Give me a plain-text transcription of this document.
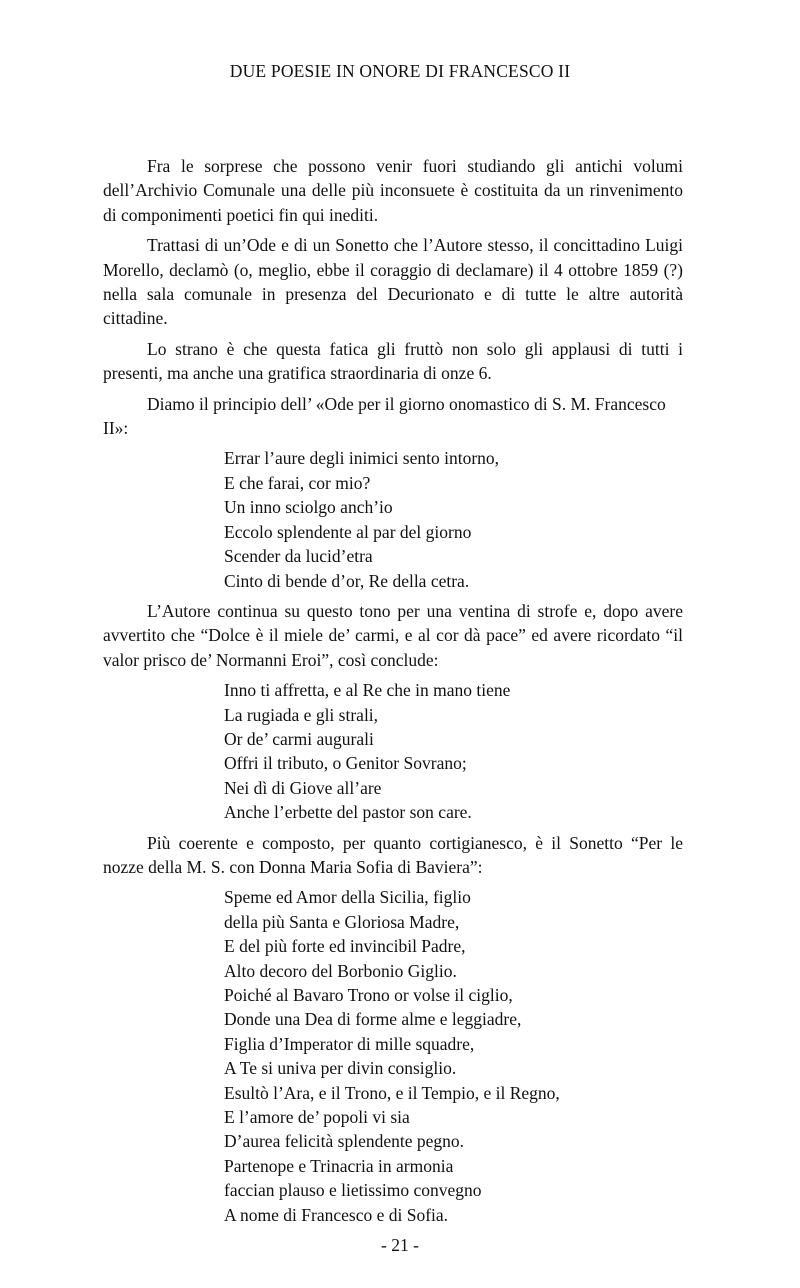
DUE POESIE IN ONORE DI FRANCESCO II

Fra le sorprese che possono venir fuori studiando gli antichi volumi dell’Archivio Comunale una delle più inconsuete è costituita da un rinvenimento di componimenti poetici fin qui inediti.

Trattasi di un’Ode e di un Sonetto che l’Autore stesso, il concittadino Luigi Morello, declamò (o, meglio, ebbe il coraggio di declamare) il 4 ottobre 1859 (?) nella sala comunale in presenza del Decurionato e di tutte le altre autorità cittadine.

Lo strano è che questa fatica gli fruttò non solo gli applausi di tutti i presenti, ma anche una gratifica straordinaria di onze 6.

Diamo il principio dell’ «Ode per il giorno onomastico di S. M. Francesco II»:

Errar l’aure degli inimici sento intorno,
E che farai, cor mio?
Un inno sciolgo anch’io
Eccolo splendente al par del giorno
Scender da lucid’etra
Cinto di bende d’or, Re della cetra.

L’Autore continua su questo tono per una ventina di strofe e, dopo avere avvertito che “Dolce è il miele de’ carmi, e al cor dà pace” ed avere ricordato “il valor prisco de’ Normanni Eroi”, così conclude:

Inno ti affretta, e al Re che in mano tiene
La rugiada e gli strali,
Or de’ carmi augurali
Offri il tributo, o Genitor Sovrano;
Nei dì di Giove all’are
Anche l’erbette del pastor son care.

Più coerente e composto, per quanto cortigianesco, è il Sonetto “Per le nozze della M. S. con Donna Maria Sofia di Baviera”:

Speme ed Amor della Sicilia, figlio
della più Santa e Gloriosa Madre,
E del più forte ed invincibil Padre,
Alto decoro del Borbonio Giglio.
Poiché al Bavaro Trono or volse il ciglio,
Donde una Dea di forme alme e leggiadre,
Figlia d’Imperator di mille squadre,
A Te si univa per divin consiglio.
Esultò l’Ara, e il Trono, e il Tempio, e il Regno,
E l’amore de’ popoli vi sia
D’aurea felicità splendente pegno.
Partenope e Trinacria in armonia
faccian plauso e lietissimo convegno
A nome di Francesco e di Sofia.
- 21 -
